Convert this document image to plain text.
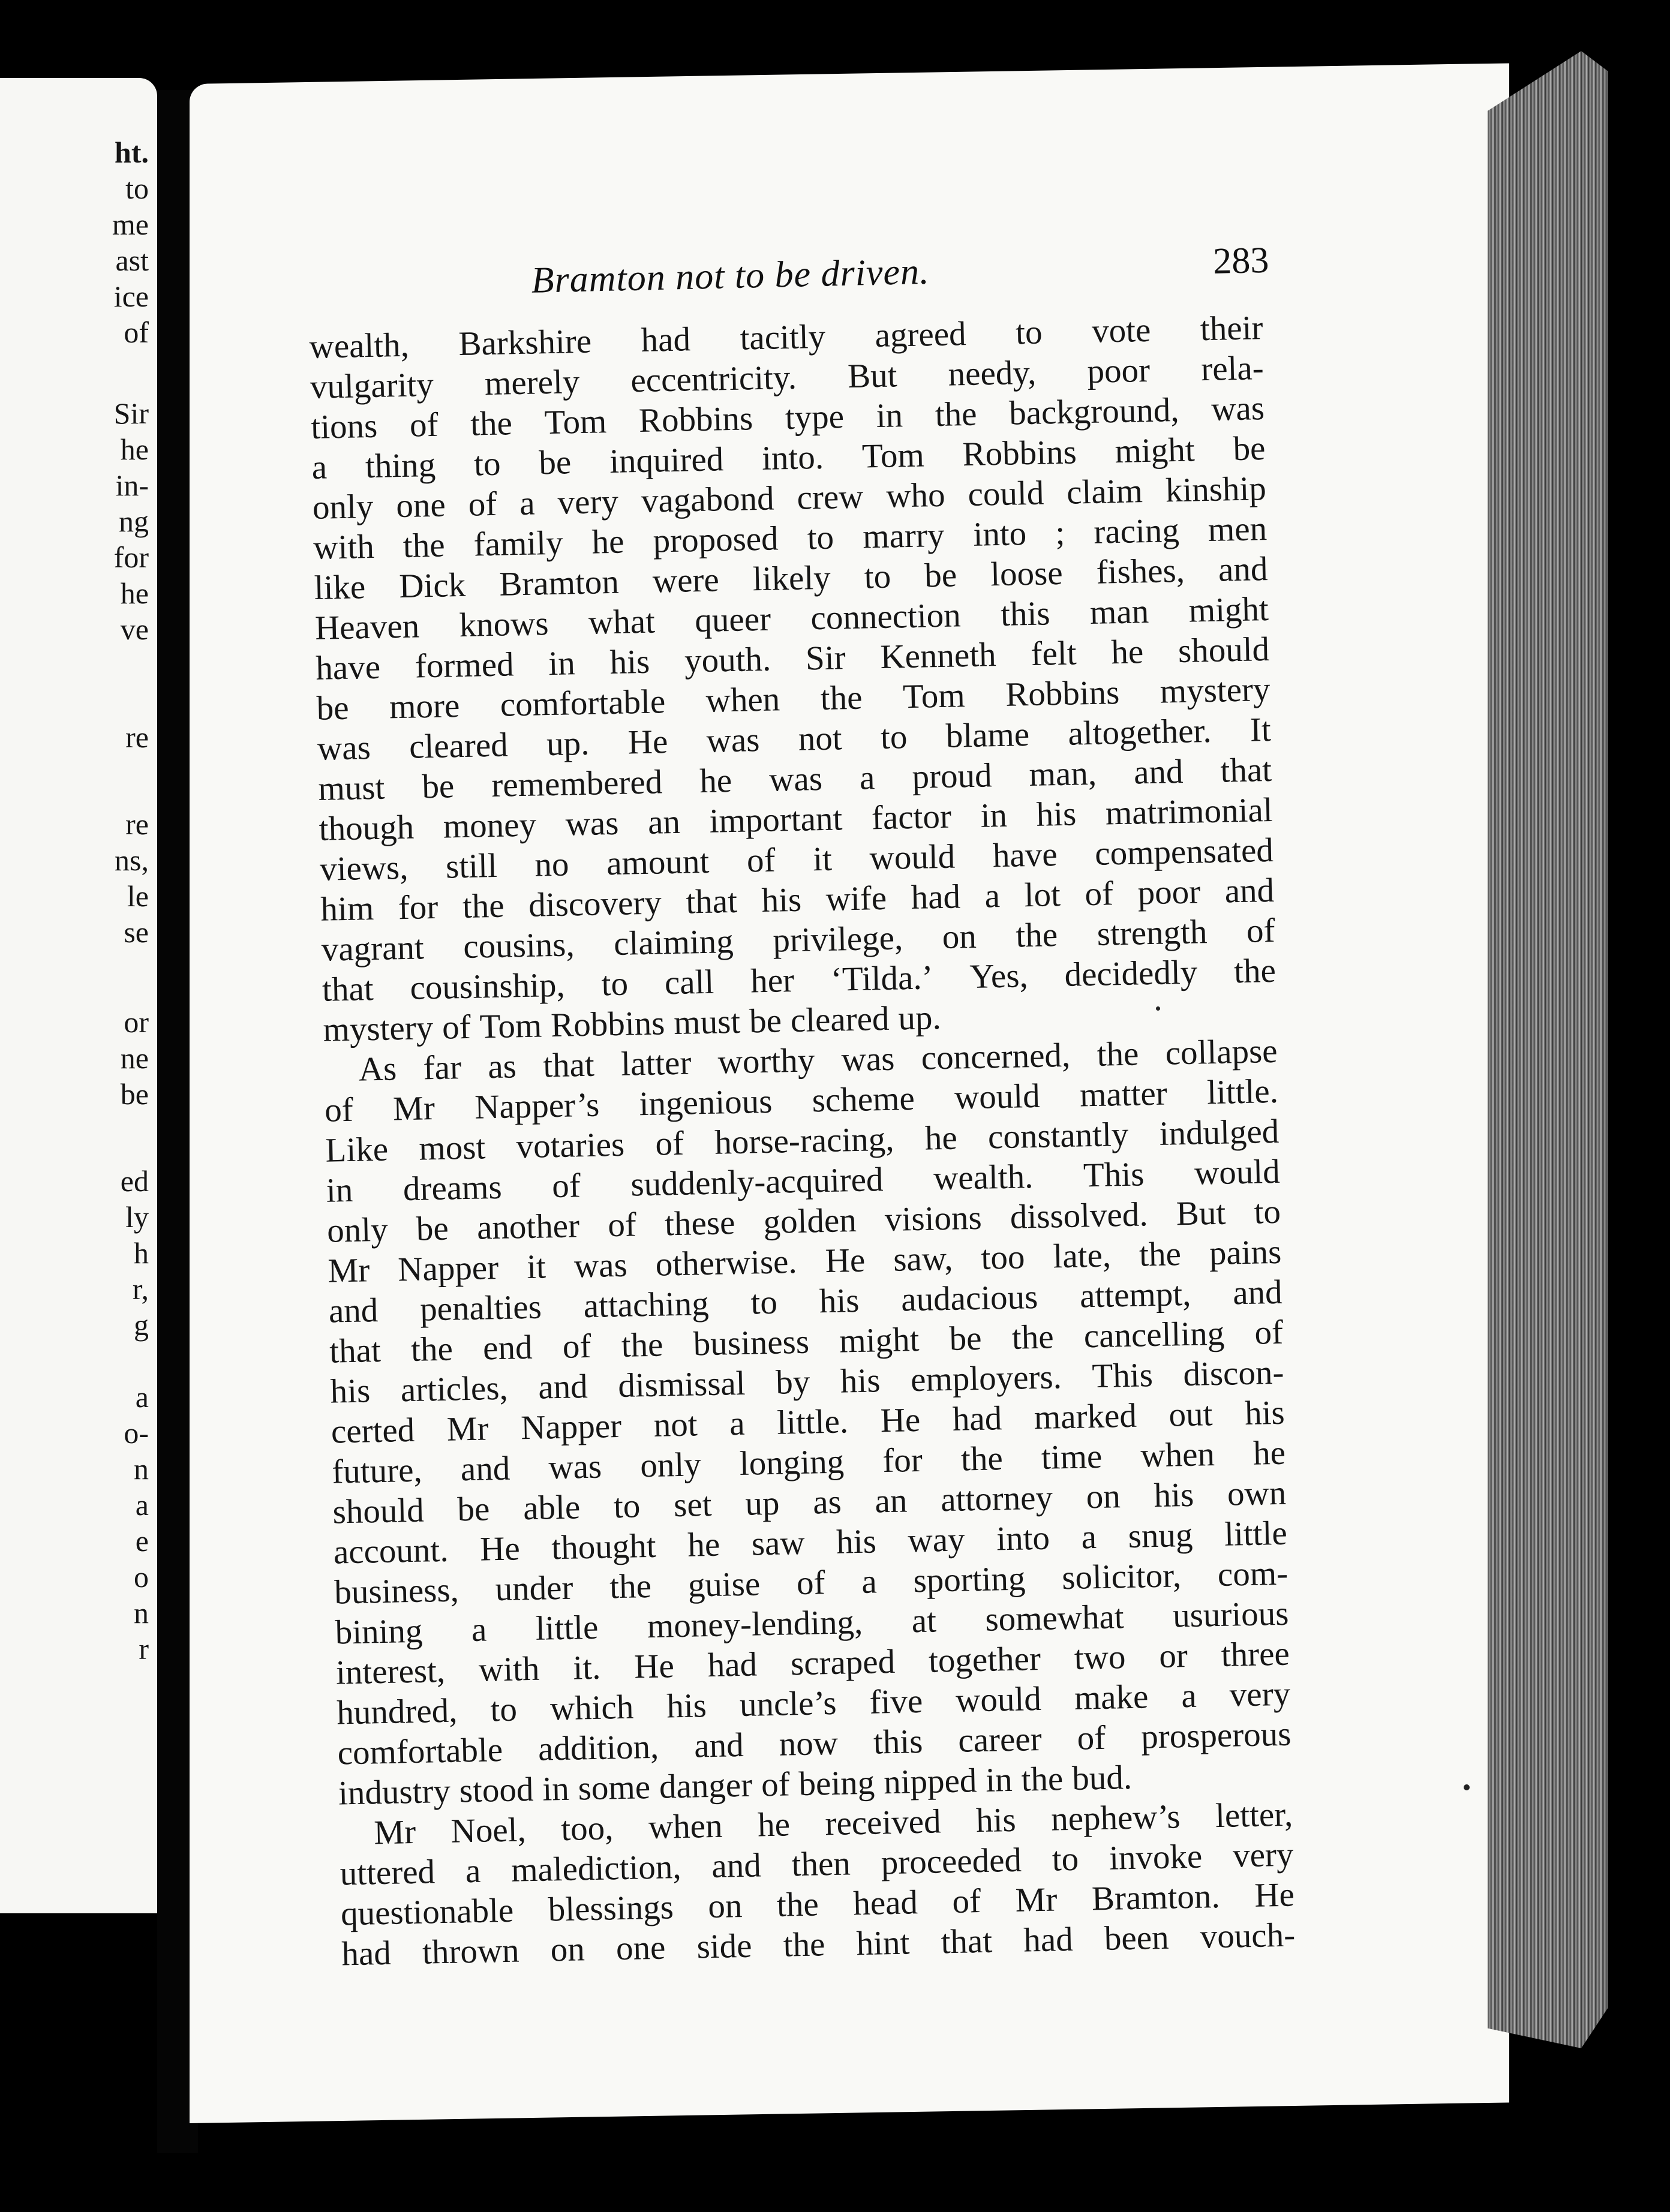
ht.
to
me
ast
ice
of
Sir
he
in-
ng
for
he
ve
re
re
ns,
le
se
or
ne
be
ed
ly
h
r,
g
a
o-
n
a
e
o
n
r
Bramton not to be driven.	283
wealth, Barkshire had tacitly agreed to vote their
vulgarity merely eccentricity. But needy, poor rela-
tions of the Tom Robbins type in the background, was
a thing to be inquired into. Tom Robbins might be
only one of a very vagabond crew who could claim kinship
with the family he proposed to marry into ; racing men
like Dick Bramton were likely to be loose fishes, and
Heaven knows what queer connection this man might
have formed in his youth. Sir Kenneth felt he should
be more comfortable when the Tom Robbins mystery
was cleared up. He was not to blame altogether. It
must be remembered he was a proud man, and that
though money was an important factor in his matrimonial
views, still no amount of it would have compensated
him for the discovery that his wife had a lot of poor and
vagrant cousins, claiming privilege, on the strength of
that cousinship, to call her ‘Tilda.’ Yes, decidedly the
mystery of Tom Robbins must be cleared up.
As far as that latter worthy was concerned, the collapse
of Mr Napper’s ingenious scheme would matter little.
Like most votaries of horse-racing, he constantly indulged
in dreams of suddenly-acquired wealth. This would
only be another of these golden visions dissolved. But to
Mr Napper it was otherwise. He saw, too late, the pains
and penalties attaching to his audacious attempt, and
that the end of the business might be the cancelling of
his articles, and dismissal by his employers. This discon-
certed Mr Napper not a little. He had marked out his
future, and was only longing for the time when he
should be able to set up as an attorney on his own
account. He thought he saw his way into a snug little
business, under the guise of a sporting solicitor, com-
bining a little money-lending, at somewhat usurious
interest, with it. He had scraped together two or three
hundred, to which his uncle’s five would make a very
comfortable addition, and now this career of prosperous
industry stood in some danger of being nipped in the bud.
Mr Noel, too, when he received his nephew’s letter,
uttered a malediction, and then proceeded to invoke very
questionable blessings on the head of Mr Bramton. He
had thrown on one side the hint that had been vouch-
